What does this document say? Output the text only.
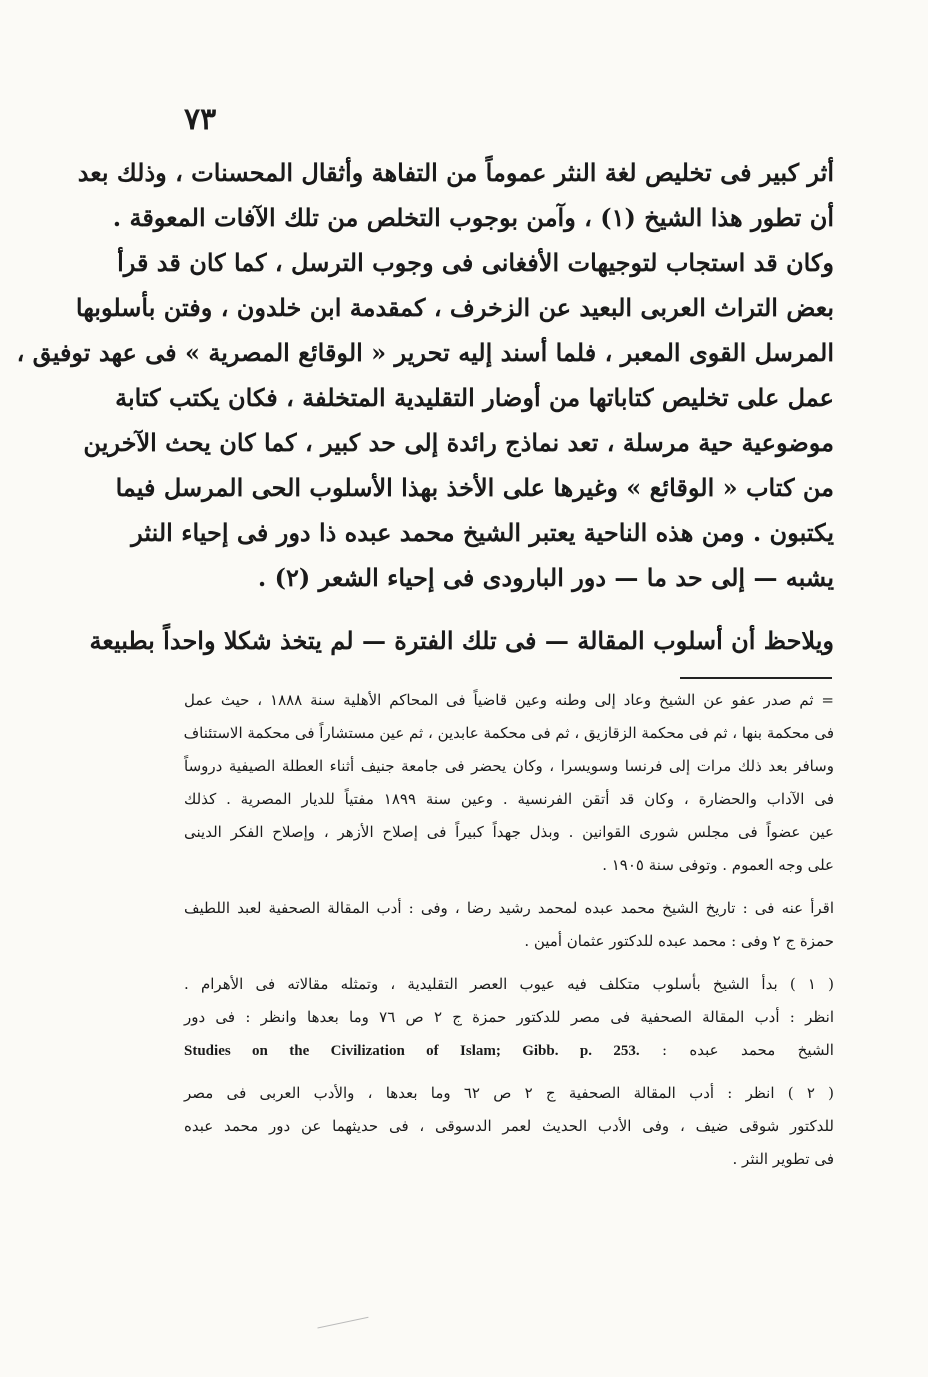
٧٣
أثر كبير فى تخليص لغة النثر عموماً من التفاهة وأثقال المحسنات ، وذلك بعد
أن تطور هذا الشيخ (١) ، وآمن بوجوب التخلص من تلك الآفات المعوقة .
وكان قد استجاب لتوجيهات الأفغانى فى وجوب الترسل ، كما كان قد قرأ
بعض التراث العربى البعيد عن الزخرف ، كمقدمة ابن خلدون ، وفتن بأسلوبها
المرسل القوى المعبر ، فلما أسند إليه تحرير « الوقائع المصرية » فى عهد توفيق ،
عمل على تخليص كتاباتها من أوضار التقليدية المتخلفة ، فكان يكتب كتابة
موضوعية حية مرسلة ، تعد نماذج رائدة إلى حد كبير ، كما كان يحث الآخرين
من كتاب « الوقائع » وغيرها على الأخذ بهذا الأسلوب الحى المرسل فيما
يكتبون . ومن هذه الناحية يعتبر الشيخ محمد عبده ذا دور فى إحياء النثر
يشبه — إلى حد ما — دور البارودى فى إحياء الشعر (٢) .
ويلاحظ أن أسلوب المقالة — فى تلك الفترة — لم يتخذ شكلا واحداً بطبيعة
= ثم صدر عفو عن الشيخ وعاد إلى وطنه وعين قاضياً فى المحاكم الأهلية سنة ١٨٨٨ ، حيث عمل
فى محكمة بنها ، ثم فى محكمة الزقازيق ، ثم فى محكمة عابدين ، ثم عين مستشاراً فى محكمة الاستئناف
وسافر بعد ذلك مرات إلى فرنسا وسويسرا ، وكان يحضر فى جامعة جنيف أثناء العطلة الصيفية دروساً
فى الآداب والحضارة ، وكان قد أتقن الفرنسية . وعين سنة ١٨٩٩ مفتياً للديار المصرية . كذلك
عين عضواً فى مجلس شورى القوانين . وبذل جهداً كبيراً فى إصلاح الأزهر ، وإصلاح الفكر الدينى
على وجه العموم . وتوفى سنة ١٩٠٥ .
اقرأ عنه فى : تاريخ الشيخ محمد عبده لمحمد رشيد رضا ، وفى : أدب المقالة الصحفية لعبد اللطيف
حمزة ج ٢ وفى : محمد عبده للدكتور عثمان أمين .
( ١ ) بدأ الشيخ بأسلوب متكلف فيه عيوب العصر التقليدية ، وتمثله مقالاته فى الأهرام .
انظر : أدب المقالة الصحفية فى مصر للدكتور حمزة ج ٢ ص ٧٦ وما بعدها وانظر : فى دور
الشيخ محمد عبده : Studies on the Civilization of Islam; Gibb. p. 253.
( ٢ ) انظر : أدب المقالة الصحفية ج ٢ ص ٦٢ وما بعدها ، والأدب العربى فى مصر
للدكتور شوقى ضيف ، وفى الأدب الحديث لعمر الدسوقى ، فى حديثهما عن دور محمد عبده
فى تطوير النثر .
